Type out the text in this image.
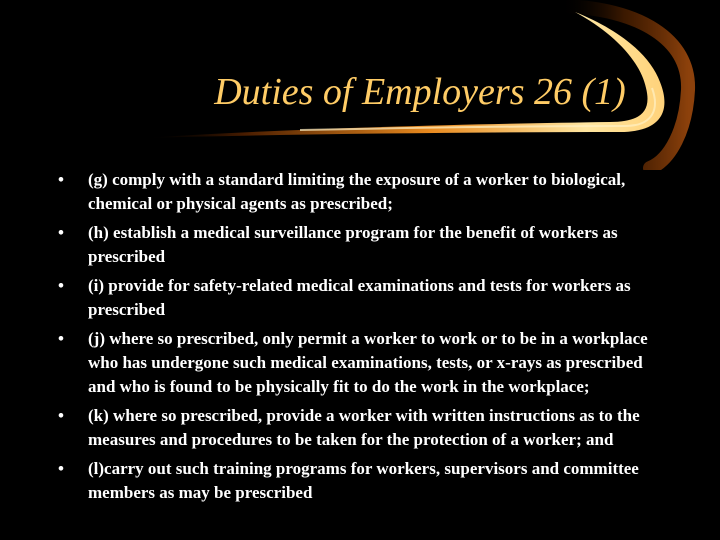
Duties of Employers 26 (1)
•	(g) comply with a standard limiting the exposure of a worker to biological, chemical or physical agents as prescribed;
•	(h) establish a medical surveillance program for the benefit of workers as prescribed
•	(i) provide for safety-related medical examinations and tests for workers as prescribed
•	(j) where so prescribed, only permit a worker to work or to be in a workplace who has undergone such medical examinations, tests, or x-rays as prescribed and who is found to be physically fit to do the work in the workplace;
•	(k) where so prescribed, provide a worker with written instructions as to the measures and procedures to be taken for the protection of a worker; and
•	(l)carry out such training programs for workers, supervisors and committee members as may be prescribed
